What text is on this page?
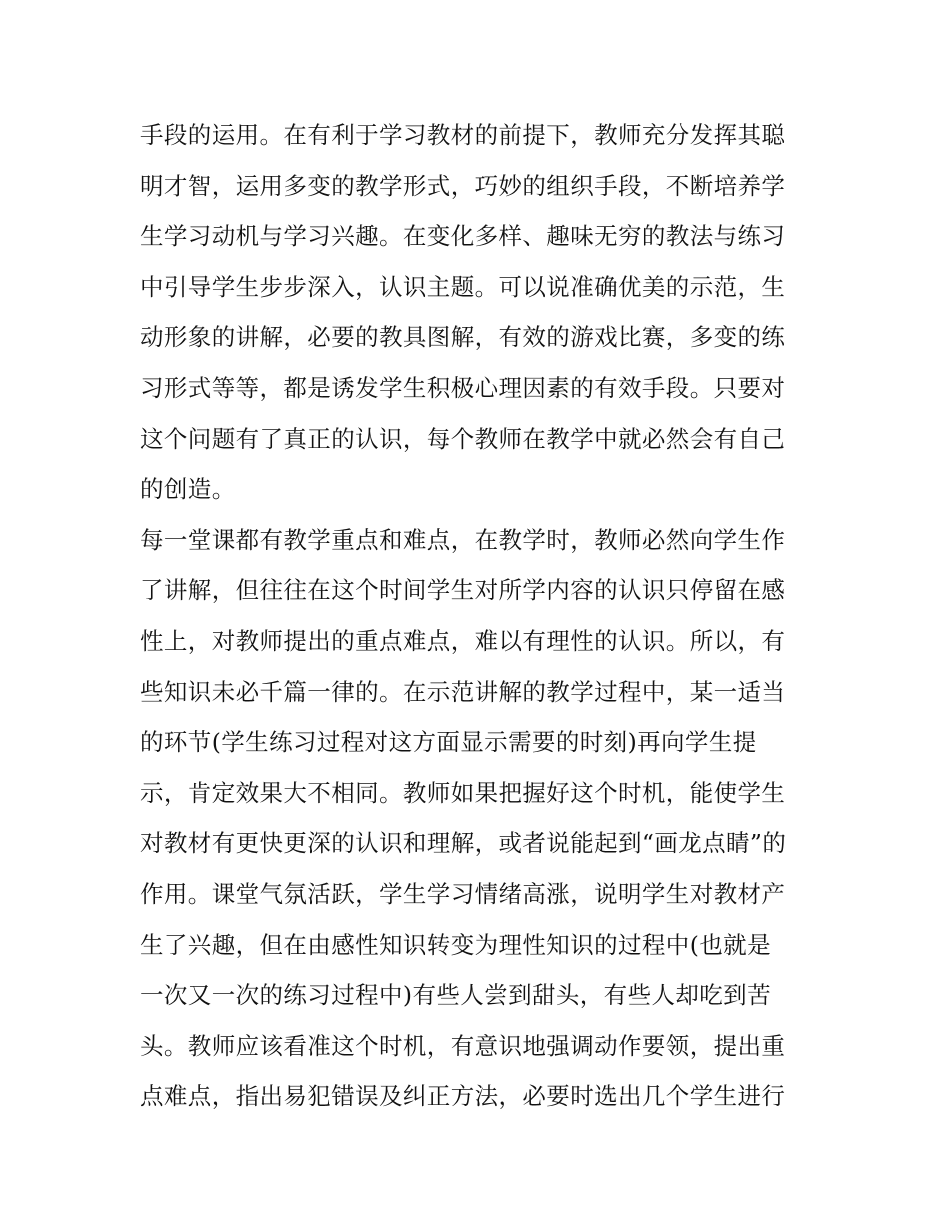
手段的运用。在有利于学习教材的前提下，教师充分发挥其聪
明才智，运用多变的教学形式，巧妙的组织手段，不断培养学
生学习动机与学习兴趣。在变化多样、趣味无穷的教法与练习
中引导学生步步深入，认识主题。可以说准确优美的示范，生
动形象的讲解，必要的教具图解，有效的游戏比赛，多变的练
习形式等等，都是诱发学生积极心理因素的有效手段。只要对
这个问题有了真正的认识，每个教师在教学中就必然会有自己
的创造。
每一堂课都有教学重点和难点，在教学时，教师必然向学生作
了讲解，但往往在这个时间学生对所学内容的认识只停留在感
性上，对教师提出的重点难点，难以有理性的认识。所以，有
些知识未必千篇一律的。在示范讲解的教学过程中，某一适当
的环节(学生练习过程对这方面显示需要的时刻)再向学生提
示，肯定效果大不相同。教师如果把握好这个时机，能使学生
对教材有更快更深的认识和理解，或者说能起到“画龙点睛”的
作用。课堂气氛活跃，学生学习情绪高涨，说明学生对教材产
生了兴趣，但在由感性知识转变为理性知识的过程中(也就是
一次又一次的练习过程中)有些人尝到甜头，有些人却吃到苦
头。教师应该看准这个时机，有意识地强调动作要领，提出重
点难点，指出易犯错误及纠正方法，必要时选出几个学生进行
